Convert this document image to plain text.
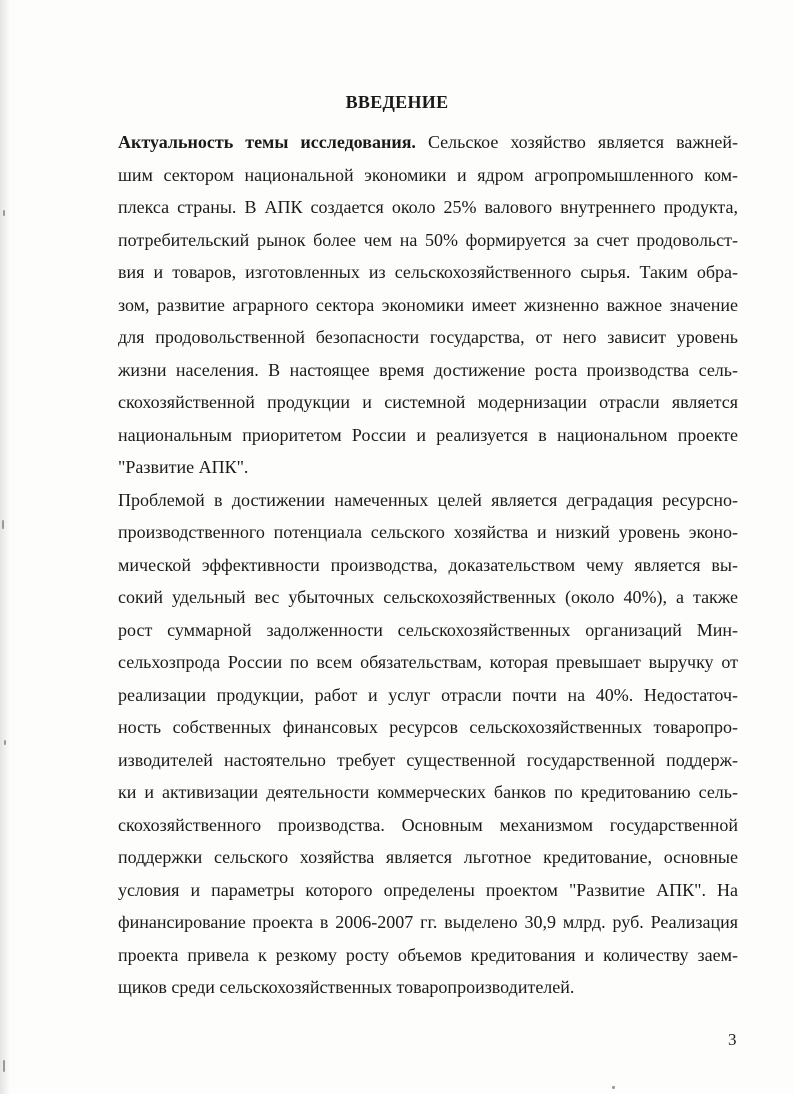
ВВЕДЕНИЕ
Актуальность темы исследования. Сельское хозяйство является важней-
шим сектором национальной экономики и ядром агропромышленного ком-
плекса страны. В АПК создается около 25% валового внутреннего продукта,
потребительский рынок более чем на 50% формируется за счет продовольст-
вия и товаров, изготовленных из сельскохозяйственного сырья. Таким обра-
зом, развитие аграрного сектора экономики имеет жизненно важное значение
для продовольственной безопасности государства, от него зависит уровень
жизни населения. В настоящее время достижение роста производства сель-
скохозяйственной продукции и системной модернизации отрасли является
национальным приоритетом России и реализуется в национальном проекте
"Развитие АПК".
Проблемой в достижении намеченных целей является деградация ресурсно-
производственного потенциала сельского хозяйства и низкий уровень эконо-
мической эффективности производства, доказательством чему является вы-
сокий удельный вес убыточных сельскохозяйственных (около 40%), а также
рост суммарной задолженности сельскохозяйственных организаций Мин-
сельхозпрода России по всем обязательствам, которая превышает выручку от
реализации продукции, работ и услуг отрасли почти на 40%. Недостаточ-
ность собственных финансовых ресурсов сельскохозяйственных товаропро-
изводителей настоятельно требует существенной государственной поддерж-
ки и активизации деятельности коммерческих банков по кредитованию сель-
скохозяйственного производства. Основным механизмом государственной
поддержки сельского хозяйства является льготное кредитование, основные
условия и параметры которого определены проектом "Развитие АПК". На
финансирование проекта в 2006-2007 гг. выделено 30,9 млрд. руб. Реализация
проекта привела к резкому росту объемов кредитования и количеству заем-
щиков среди сельскохозяйственных товаропроизводителей.
3
